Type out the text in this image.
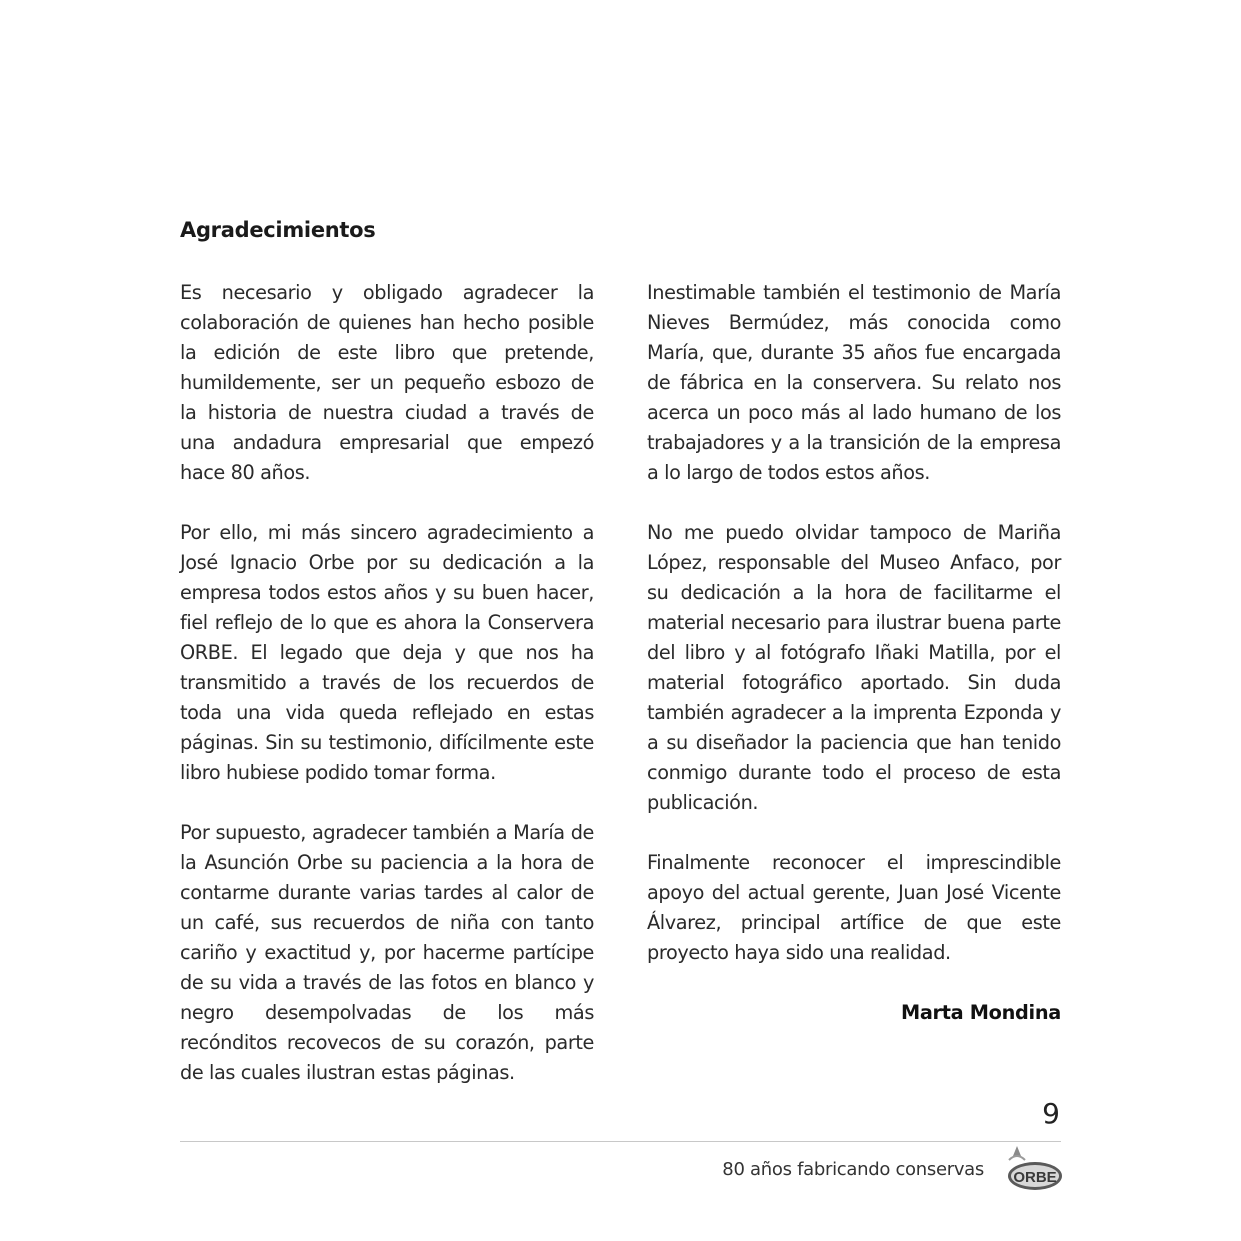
Agradecimientos

Es necesario y obligado agradecer la colaboración de quienes han hecho posible la edición de este libro que pretende, humildemente, ser un pequeño esbozo de la historia de nuestra ciudad a través de una andadura empresarial que empezó hace 80 años.

Por ello, mi más sincero agradecimiento a José Ignacio Orbe por su dedicación a la empresa todos estos años y su buen hacer, fiel reflejo de lo que es ahora la Conservera ORBE. El legado que deja y que nos ha transmitido a través de los recuerdos de toda una vida queda reflejado en estas páginas. Sin su testimonio, difícilmente este libro hubiese podido tomar forma.

Por supuesto, agradecer también a María de la Asunción Orbe su paciencia a la hora de contarme durante varias tardes al calor de un café, sus recuerdos de niña con tanto cariño y exactitud y, por hacerme partícipe de su vida a través de las fotos en blanco y negro desempolvadas de los más recónditos recovecos de su corazón, parte de las cuales ilustran estas páginas.

Inestimable también el testimonio de María Nieves Bermúdez, más conocida como María, que, durante 35 años fue encargada de fábrica en la conservera. Su relato nos acerca un poco más al lado humano de los trabajadores y a la transición de la empresa a lo largo de todos estos años.

No me puedo olvidar tampoco de Mariña López, responsable del Museo Anfaco, por su dedicación a la hora de facilitarme el material necesario para ilustrar buena parte del libro y al fotógrafo Iñaki Matilla, por el material fotográfico aportado. Sin duda también agradecer a la imprenta Ezponda y a su diseñador la paciencia que han tenido conmigo durante todo el proceso de esta publicación.

Finalmente reconocer el imprescindible apoyo del actual gerente, Juan José Vicente Álvarez, principal artífice de que este proyecto haya sido una realidad.

Marta Mondina
9
80 años fabricando conservas ORBE
